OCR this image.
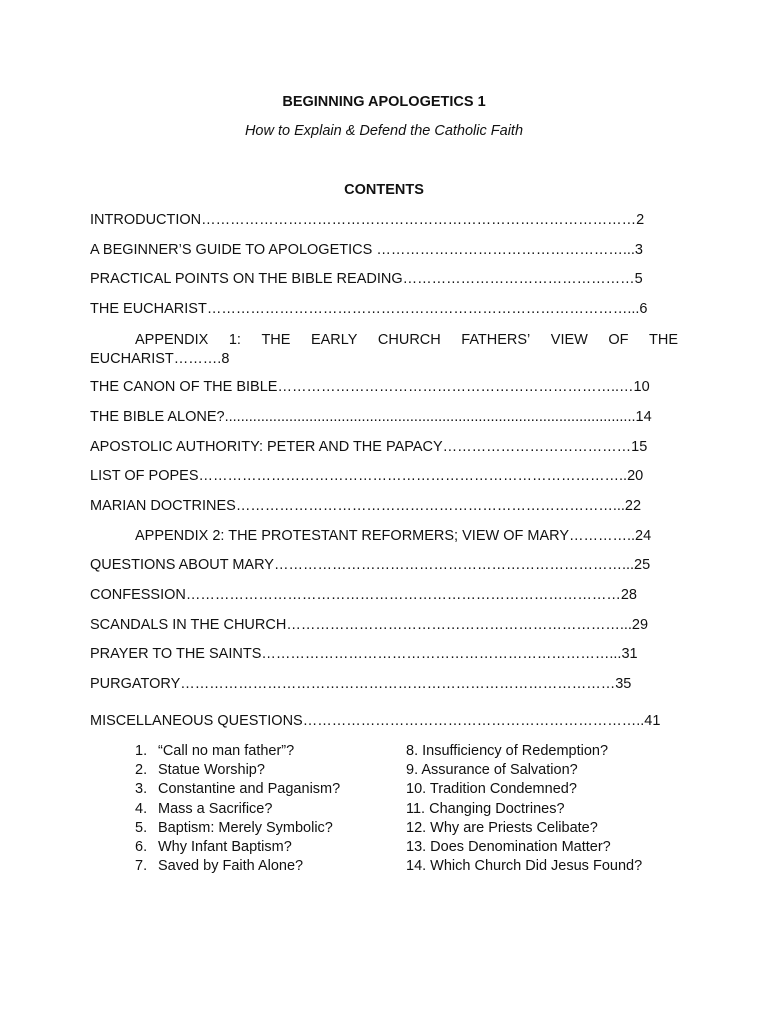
BEGINNING APOLOGETICS 1
How to Explain & Defend the Catholic Faith
CONTENTS
INTRODUCTION………………………………………………………………………………2
A BEGINNER’S GUIDE TO APOLOGETICS ……………………………………………...3
PRACTICAL POINTS ON THE BIBLE READING…………………………………………5
THE EUCHARIST……………………………………………………………………………...6
APPENDIX 1: THE EARLY CHURCH FATHERS’ VIEW OF THE
EUCHARIST……….8
THE CANON OF THE BIBLE……………………………………………………………..…10
THE BIBLE ALONE?......................................................................................................14
APOSTOLIC AUTHORITY: PETER AND THE PAPACY…………………………………15
LIST OF POPES……………………………………………………………………………..20
MARIAN DOCTRINES……………………………………………………………………...22
APPENDIX 2: THE PROTESTANT REFORMERS; VIEW OF MARY…………..24
QUESTIONS ABOUT MARY………………………………………………………………...25
CONFESSION………………………………………………………………………………28
SCANDALS IN THE CHURCH……………………………………………………………...29
PRAYER TO THE SAINTS………………………………………………………………...31
PURGATORY………………………………………………………………………………35
MISCELLANEOUS QUESTIONS……………………………………………………………..41
1. “Call no man father”?
2. Statue Worship?
3. Constantine and Paganism?
4. Mass a Sacrifice?
5. Baptism: Merely Symbolic?
6. Why Infant Baptism?
7. Saved by Faith Alone?
8. Insufficiency of Redemption?
9. Assurance of Salvation?
10. Tradition Condemned?
11. Changing Doctrines?
12. Why are Priests Celibate?
13. Does Denomination Matter?
14. Which Church Did Jesus Found?
